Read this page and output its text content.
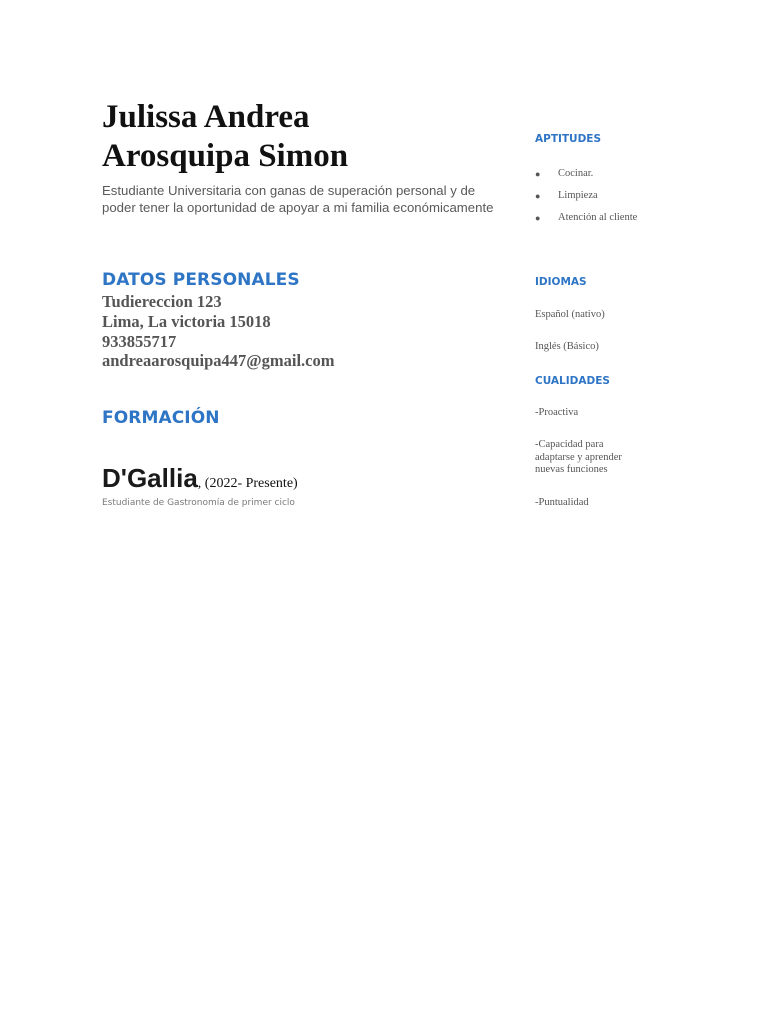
Julissa Andrea
Arosquipa Simon

Estudiante Universitaria con ganas de superación personal y de poder tener la oportunidad de apoyar a mi familia económicamente

DATOS PERSONALES
Tudiereccion 123
Lima, La victoria 15018
933855717
andreaarosquipa447@gmail.com
FORMACIÓN
D'Gallia, (2022- Presente)
Estudiante de Gastronomía de primer ciclo
APTITUDES
● Cocinar.
● Limpieza
● Atención al cliente
IDIOMAS
Español (nativo)
Inglés (Básico)
CUALIDADES
-Proactiva
-Capacidad para adaptarse y aprender nuevas funciones
-Puntualidad
